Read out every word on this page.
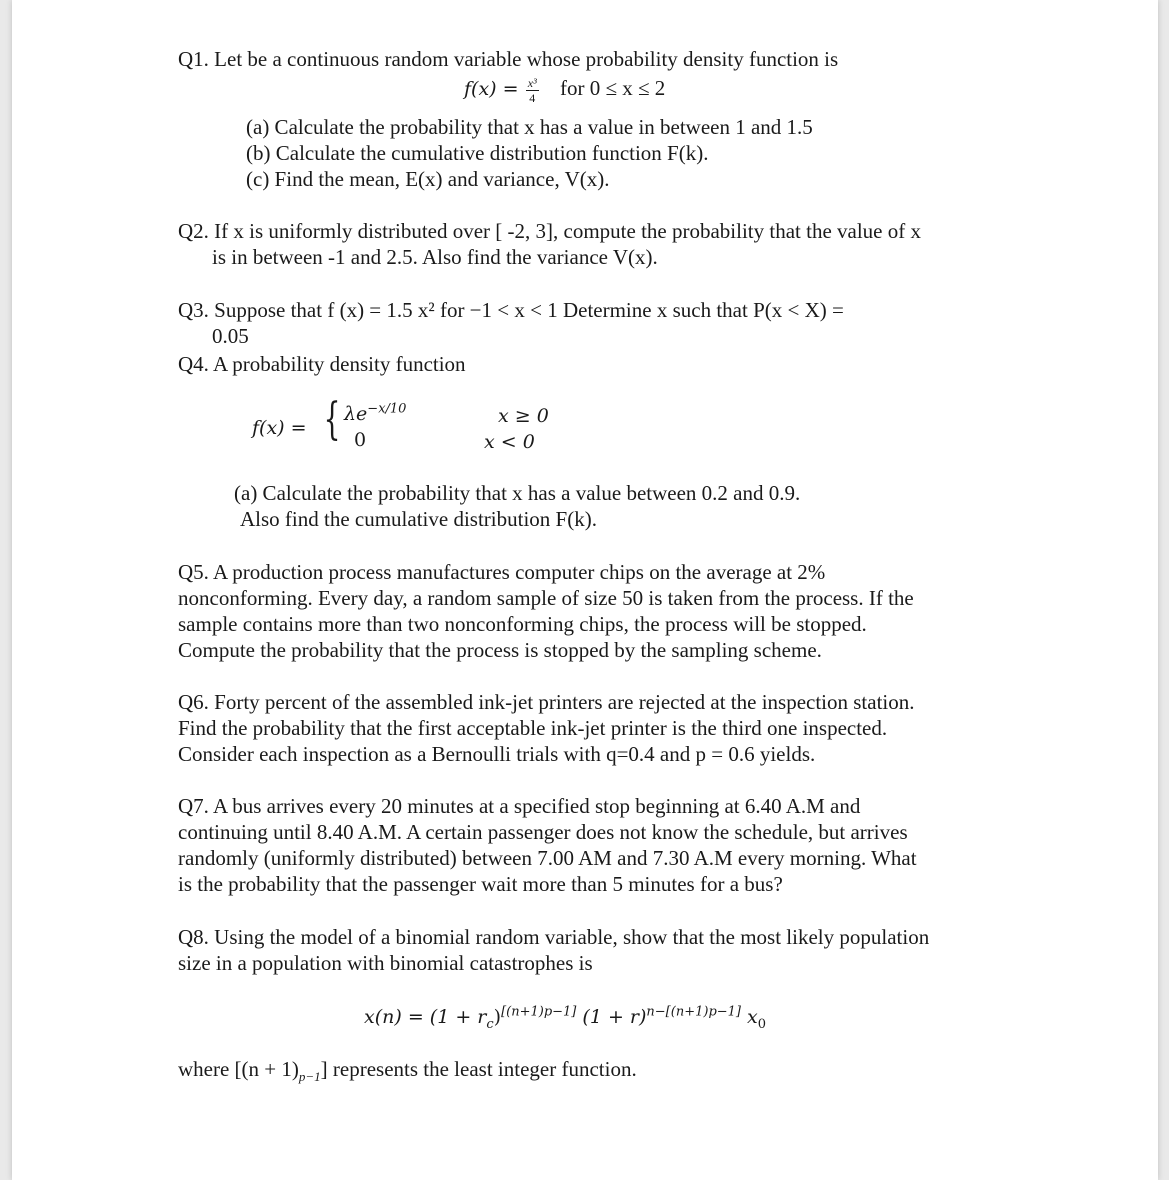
Q1. Let be a continuous random variable whose probability density function is
$f(x) = \frac{\text{x³}}{4}$ for 0 ≤ x ≤ 2
(a) Calculate the probability that x has a value in between 1 and 1.5
(b) Calculate the cumulative distribution function F(k).
(c) Find the mean, E(x) and variance, V(x).
Q2. If x is uniformly distributed over [ -2, 3], compute the probability that the value of x
is in between -1 and 2.5. Also find the variance V(x).
Q3. Suppose that f (x) = 1.5 x² for −1 < x < 1 Determine x such that P(x < X) =
0.05
Q4. A probability density function
f(x) = { $\lambda e^{-x/10}$
0
x ≥ 0
x < 0
(a) Calculate the probability that x has a value between 0.2 and 0.9.
Also find the cumulative distribution F(k).
Q5. A production process manufactures computer chips on the average at 2%
nonconforming. Every day, a random sample of size 50 is taken from the process. If the
sample contains more than two nonconforming chips, the process will be stopped.
Compute the probability that the process is stopped by the sampling scheme.
Q6. Forty percent of the assembled ink-jet printers are rejected at the inspection station.
Find the probability that the first acceptable ink-jet printer is the third one inspected.
Consider each inspection as a Bernoulli trials with q=0.4 and p = 0.6 yields.
Q7. A bus arrives every 20 minutes at a specified stop beginning at 6.40 A.M and
continuing until 8.40 A.M. A certain passenger does not know the schedule, but arrives
randomly (uniformly distributed) between 7.00 AM and 7.30 A.M every morning. What
is the probability that the passenger wait more than 5 minutes for a bus?
Q8. Using the model of a binomial random variable, show that the most likely population
size in a population with binomial catastrophes is
$x(n) = (1 + r_c)[(n+1)p-1]$ $(1 + r)^{n-[(n+1)p-1]}$ $x_0$
where $[(n + 1)_{p-1}]$ represents the least integer function.
